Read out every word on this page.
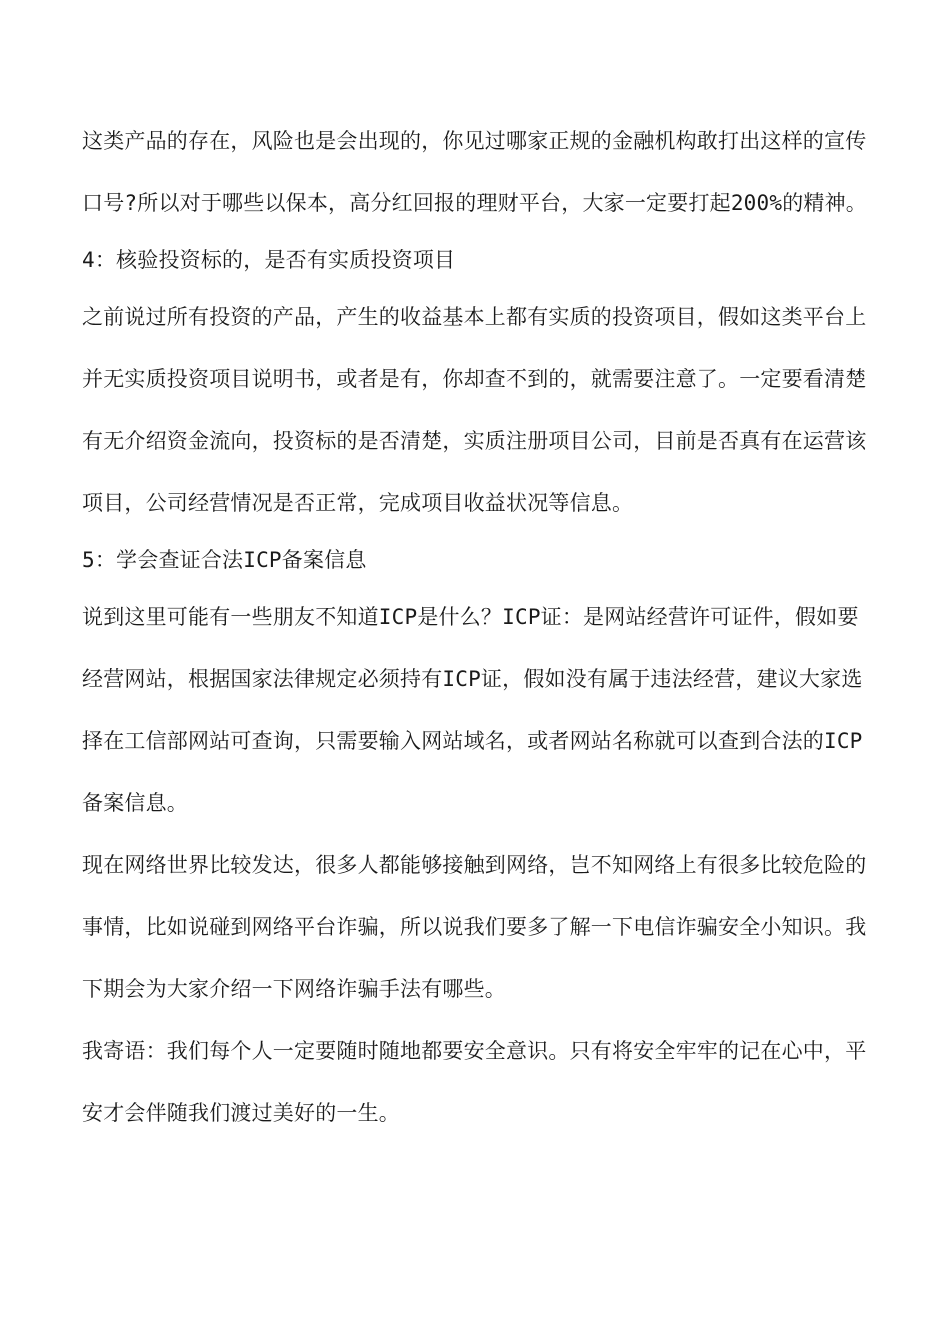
这类产品的存在，风险也是会出现的，你见过哪家正规的金融机构敢打出这样的宣传口号?所以对于哪些以保本，高分红回报的理财平台，大家一定要打起200%的精神。

4：核验投资标的，是否有实质投资项目

之前说过所有投资的产品，产生的收益基本上都有实质的投资项目，假如这类平台上并无实质投资项目说明书，或者是有，你却查不到的，就需要注意了。一定要看清楚有无介绍资金流向，投资标的是否清楚，实质注册项目公司，目前是否真有在运营该项目，公司经营情况是否正常，完成项目收益状况等信息。

5：学会查证合法ICP备案信息

说到这里可能有一些朋友不知道ICP是什么？ICP证：是网站经营许可证件，假如要经营网站，根据国家法律规定必须持有ICP证，假如没有属于违法经营，建议大家选择在工信部网站可查询，只需要输入网站域名，或者网站名称就可以查到合法的ICP备案信息。

现在网络世界比较发达，很多人都能够接触到网络，岂不知网络上有很多比较危险的事情，比如说碰到网络平台诈骗，所以说我们要多了解一下电信诈骗安全小知识。我下期会为大家介绍一下网络诈骗手法有哪些。

我寄语：我们每个人一定要随时随地都要安全意识。只有将安全牢牢的记在心中，平安才会伴随我们渡过美好的一生。
